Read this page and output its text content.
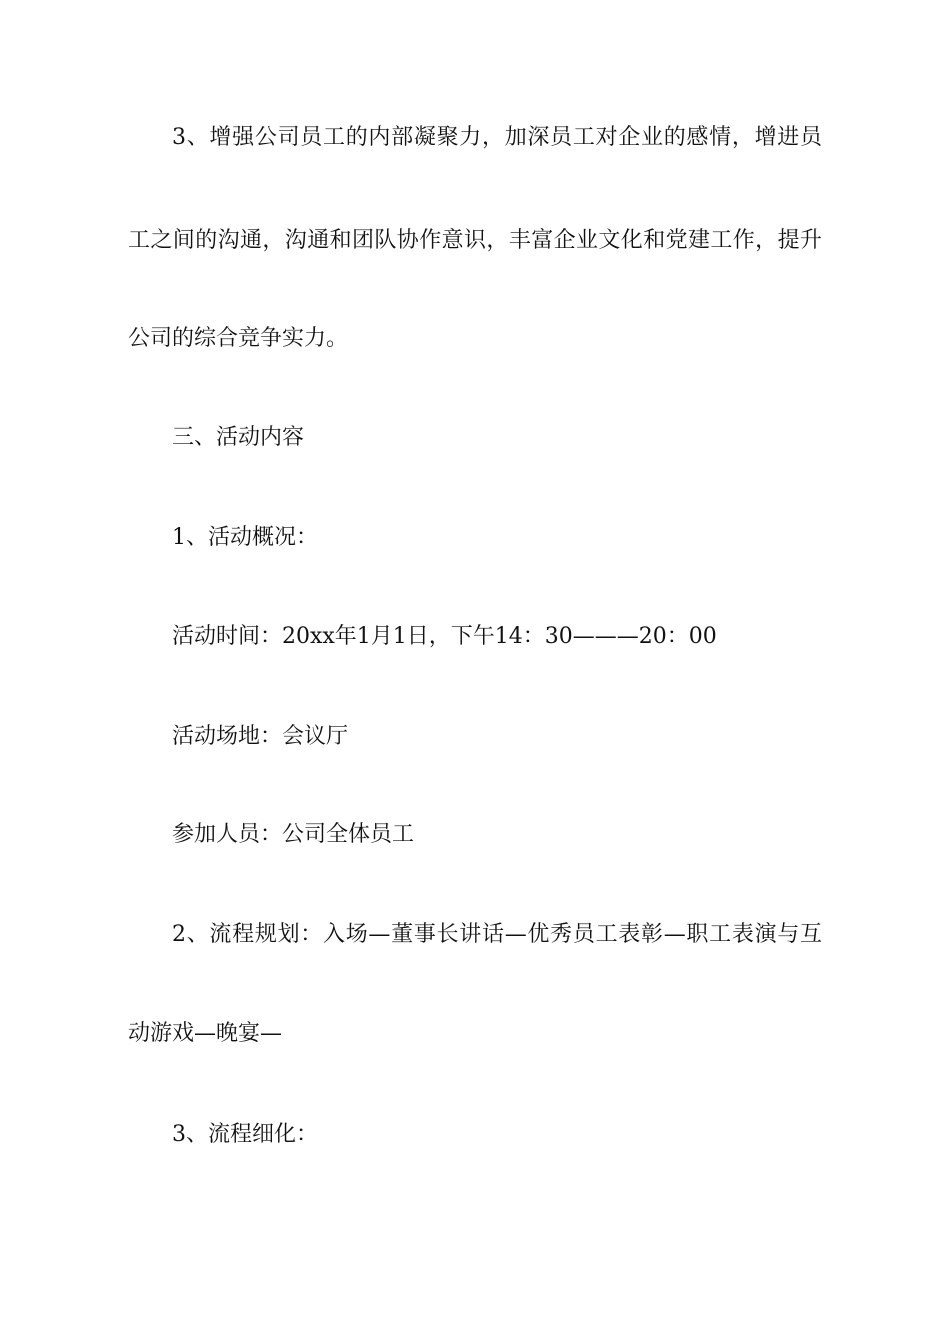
3、增强公司员工的内部凝聚力，加深员工对企业的感情，增进员
工之间的沟通，沟通和团队协作意识，丰富企业文化和党建工作，提升
公司的综合竞争实力。
三、活动内容
1、活动概况：
活动时间：20xx年1月1日，下午14：30———20：00
活动场地：会议厅
参加人员：公司全体员工
2、流程规划：入场—董事长讲话—优秀员工表彰—职工表演与互
动游戏—晚宴—
3、流程细化：
